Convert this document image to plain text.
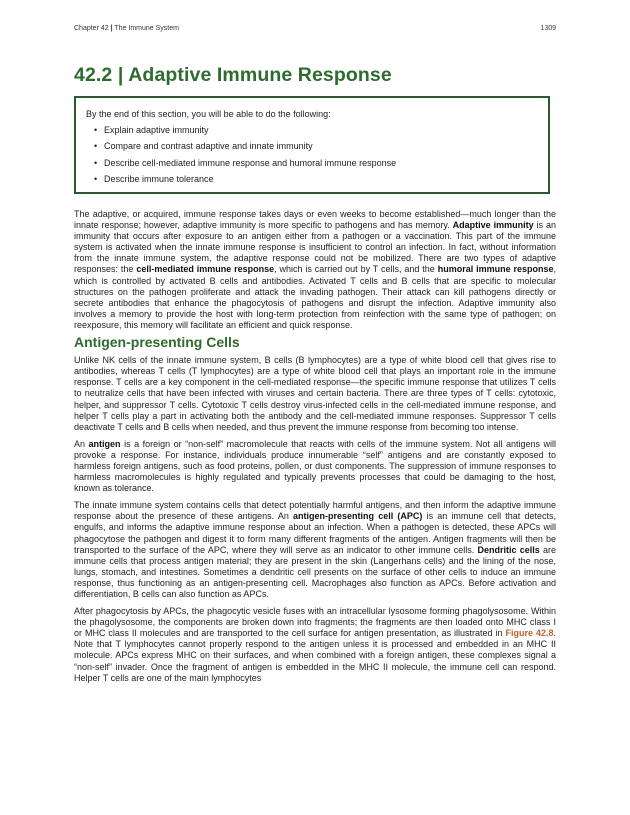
Chapter 42 | The Immune System	1309
42.2 | Adaptive Immune Response

By the end of this section, you will be able to do the following:

• Explain adaptive immunity
• Compare and contrast adaptive and innate immunity
• Describe cell-mediated immune response and humoral immune response
• Describe immune tolerance

The adaptive, or acquired, immune response takes days or even weeks to become established—much longer than the innate response; however, adaptive immunity is more specific to pathogens and has memory. Adaptive immunity is an immunity that occurs after exposure to an antigen either from a pathogen or a vaccination. This part of the immune system is activated when the innate immune response is insufficient to control an infection. In fact, without information from the innate immune system, the adaptive response could not be mobilized. There are two types of adaptive responses: the cell-mediated immune response, which is carried out by T cells, and the humoral immune response, which is controlled by activated B cells and antibodies. Activated T cells and B cells that are specific to molecular structures on the pathogen proliferate and attack the invading pathogen. Their attack can kill pathogens directly or secrete antibodies that enhance the phagocytosis of pathogens and disrupt the infection. Adaptive immunity also involves a memory to provide the host with long-term protection from reinfection with the same type of pathogen; on reexposure, this memory will facilitate an efficient and quick response.

Antigen-presenting Cells

Unlike NK cells of the innate immune system, B cells (B lymphocytes) are a type of white blood cell that gives rise to antibodies, whereas T cells (T lymphocytes) are a type of white blood cell that plays an important role in the immune response. T cells are a key component in the cell-mediated response—the specific immune response that utilizes T cells to neutralize cells that have been infected with viruses and certain bacteria. There are three types of T cells: cytotoxic, helper, and suppressor T cells. Cytotoxic T cells destroy virus-infected cells in the cell-mediated immune response, and helper T cells play a part in activating both the antibody and the cell-mediated immune responses. Suppressor T cells deactivate T cells and B cells when needed, and thus prevent the immune response from becoming too intense.

An antigen is a foreign or “non-self” macromolecule that reacts with cells of the immune system. Not all antigens will provoke a response. For instance, individuals produce innumerable “self” antigens and are constantly exposed to harmless foreign antigens, such as food proteins, pollen, or dust components. The suppression of immune responses to harmless macromolecules is highly regulated and typically prevents processes that could be damaging to the host, known as tolerance.

The innate immune system contains cells that detect potentially harmful antigens, and then inform the adaptive immune response about the presence of these antigens. An antigen-presenting cell (APC) is an immune cell that detects, engulfs, and informs the adaptive immune response about an infection. When a pathogen is detected, these APCs will phagocytose the pathogen and digest it to form many different fragments of the antigen. Antigen fragments will then be transported to the surface of the APC, where they will serve as an indicator to other immune cells. Dendritic cells are immune cells that process antigen material; they are present in the skin (Langerhans cells) and the lining of the nose, lungs, stomach, and intestines. Sometimes a dendritic cell presents on the surface of other cells to induce an immune response, thus functioning as an antigen-presenting cell. Macrophages also function as APCs. Before activation and differentiation, B cells can also function as APCs.

After phagocytosis by APCs, the phagocytic vesicle fuses with an intracellular lysosome forming phagolysosome. Within the phagolysosome, the components are broken down into fragments; the fragments are then loaded onto MHC class I or MHC class II molecules and are transported to the cell surface for antigen presentation, as illustrated in Figure 42.8. Note that T lymphocytes cannot properly respond to the antigen unless it is processed and embedded in an MHC II molecule. APCs express MHC on their surfaces, and when combined with a foreign antigen, these complexes signal a “non-self” invader. Once the fragment of antigen is embedded in the MHC II molecule, the immune cell can respond. Helper T cells are one of the main lymphocytes
